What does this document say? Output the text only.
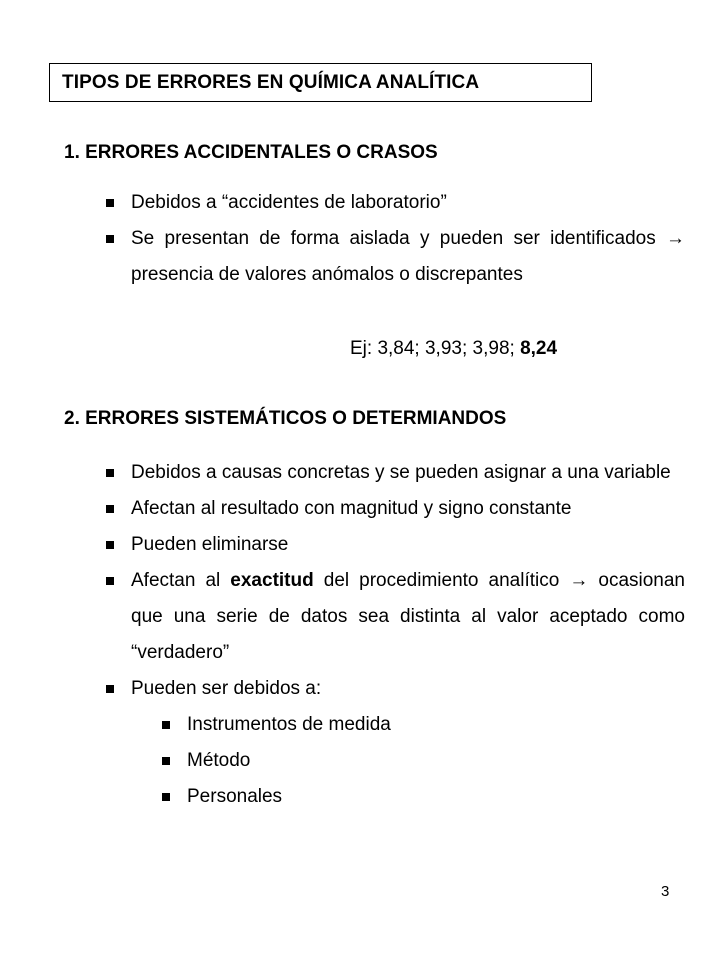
TIPOS DE ERRORES EN QUÍMICA ANALÍTICA
1. ERRORES ACCIDENTALES O CRASOS
Debidos a “accidentes de laboratorio”
Se presentan de forma aislada y pueden ser identificados → presencia de valores anómalos o discrepantes
Ej: 3,84; 3,93; 3,98; 8,24
2. ERRORES SISTEMÁTICOS O DETERMIANDOS
Debidos a causas concretas y se pueden asignar a una variable
Afectan al resultado con magnitud y signo constante
Pueden eliminarse
Afectan al exactitud del procedimiento analítico → ocasionan que una serie de datos sea distinta al valor aceptado como “verdadero”
Pueden ser debidos a:
Instrumentos de medida
Método
Personales
3
